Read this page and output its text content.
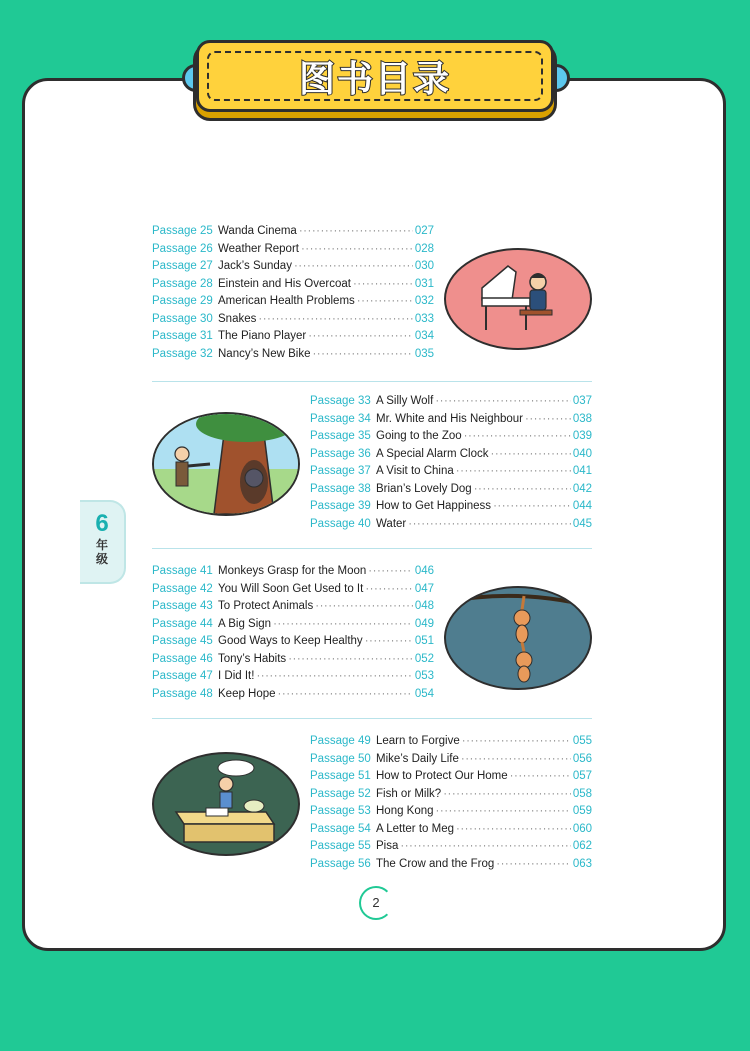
图书目录
6
年级
Passage 25 Wanda Cinema ·····	027
Passage 26 Weather Report ·····	028
Passage 27 Jack’s Sunday ·····	030
Passage 28 Einstein and His Overcoat ·····	031
Passage 29 American Health Problems ·····	032
Passage 30 Snakes ·····	033
Passage 31 The Piano Player ·····	034
Passage 32 Nancy’s New Bike ·····	035
Passage 33 A Silly Wolf ·····	037
Passage 34 Mr. White and His Neighbour ·····	038
Passage 35 Going to the Zoo ·····	039
Passage 36 A Special Alarm Clock ·····	040
Passage 37 A Visit to China ·····	041
Passage 38 Brian’s Lovely Dog ·····	042
Passage 39 How to Get Happiness ·····	044
Passage 40 Water ·····	045
Passage 41 Monkeys Grasp for the Moon ·····	046
Passage 42 You Will Soon Get Used to It ·····	047
Passage 43 To Protect Animals ·····	048
Passage 44 A Big Sign ·····	049
Passage 45 Good Ways to Keep Healthy ·····	051
Passage 46 Tony’s Habits ·····	052
Passage 47 I Did It! ·····	053
Passage 48 Keep Hope ·····	054
Passage 49 Learn to Forgive ·····	055
Passage 50 Mike’s Daily Life ·····	056
Passage 51 How to Protect Our Home ·····	057
Passage 52 Fish or Milk? ·····	058
Passage 53 Hong Kong ·····	059
Passage 54 A Letter to Meg ·····	060
Passage 55 Pisa ·····	062
Passage 56 The Crow and the Frog ·····	063
2
